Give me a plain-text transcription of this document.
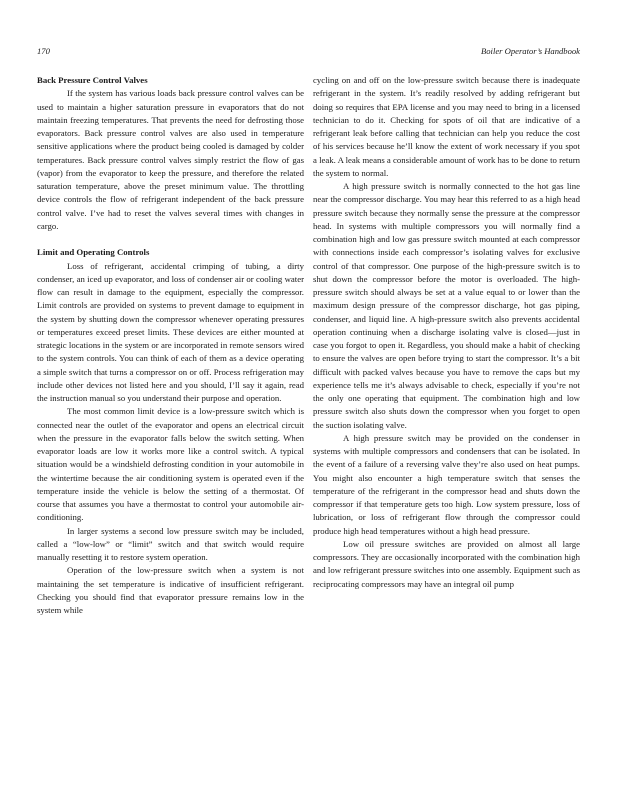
170	Boiler Operator’s Handbook
Back Pressure Control Valves

If the system has various loads back pressure control valves can be used to maintain a higher saturation pressure in evaporators that do not maintain freezing temperatures. That prevents the need for defrosting those evaporators. Back pressure control valves are also used in temperature sensitive applications where the product being cooled is damaged by colder temperatures. Back pressure control valves simply restrict the flow of gas (vapor) from the evaporator to keep the pressure, and therefore the related saturation temperature, above the preset minimum value. The throttling device controls the flow of refrigerant independent of the back pressure control valve. I’ve had to reset the valves several times with changes in cargo.

Limit and Operating Controls

Loss of refrigerant, accidental crimping of tubing, a dirty condenser, an iced up evaporator, and loss of condenser air or cooling water flow can result in damage to the equipment, especially the compressor. Limit controls are provided on systems to prevent damage to equipment in the system by shutting down the compressor whenever operating pressures or temperatures exceed preset limits. These devices are either mounted at strategic locations in the system or are incorporated in remote sensors wired to the system controls. You can think of each of them as a device operating a simple switch that turns a compressor on or off. Process refrigeration may include other devices not listed here and you should, I’ll say it again, read the instruction manual so you understand their purpose and operation.

The most common limit device is a low-pressure switch which is connected near the outlet of the evaporator and opens an electrical circuit when the pressure in the evaporator falls below the switch setting. When evaporator loads are low it works more like a control switch. A typical situation would be a windshield defrosting condition in your automobile in the wintertime because the air conditioning system is operated even if the temperature inside the vehicle is below the setting of a thermostat. Of course that assumes you have a thermostat to control your automobile air-conditioning.

In larger systems a second low pressure switch may be included, called a “low-low” or “limit” switch and that switch would require manually resetting it to restore system operation.

Operation of the low-pressure switch when a system is not maintaining the set temperature is indicative of insufficient refrigerant. Checking you should find that evaporator pressure remains low in the system while

cycling on and off on the low-pressure switch because there is inadequate refrigerant in the system. It’s readily resolved by adding refrigerant but doing so requires that EPA license and you may need to bring in a licensed technician to do it. Checking for spots of oil that are indicative of a refrigerant leak before calling that technician can help you reduce the cost of his services because he’ll know the extent of work necessary if you spot a leak. A leak means a considerable amount of work has to be done to return the system to normal.

A high pressure switch is normally connected to the hot gas line near the compressor discharge. You may hear this referred to as a high head pressure switch because they normally sense the pressure at the compressor head. In systems with multiple compressors you will normally find a combination high and low gas pressure switch mounted at each compressor with connections inside each compressor’s isolating valves for exclusive control of that compressor. One purpose of the high-pressure switch is to shut down the compressor before the motor is overloaded. The high-pressure switch should always be set at a value equal to or lower than the maximum design pressure of the compressor discharge, hot gas piping, condenser, and liquid line. A high-pressure switch also prevents accidental operation continuing when a discharge isolating valve is closed—just in case you forgot to open it. Regardless, you should make a habit of checking to ensure the valves are open before trying to start the compressor. It’s a bit difficult with packed valves because you have to remove the caps but my experience tells me it’s always advisable to check, especially if you’re not the only one operating that equipment. The combination high and low pressure switch also shuts down the compressor when you forget to open the suction isolating valve.

A high pressure switch may be provided on the condenser in systems with multiple compressors and condensers that can be isolated. In the event of a failure of a reversing valve they’re also used on heat pumps. You might also encounter a high temperature switch that senses the temperature of the refrigerant in the compressor head and shuts down the compressor if that temperature gets too high. Low system pressure, loss of lubrication, or loss of refrigerant flow through the compressor could produce high head temperatures without a high head pressure.

Low oil pressure switches are provided on almost all large compressors. They are occasionally incorporated with the combination high and low refrigerant pressure switches into one assembly. Equipment such as reciprocating compressors may have an integral oil pump
